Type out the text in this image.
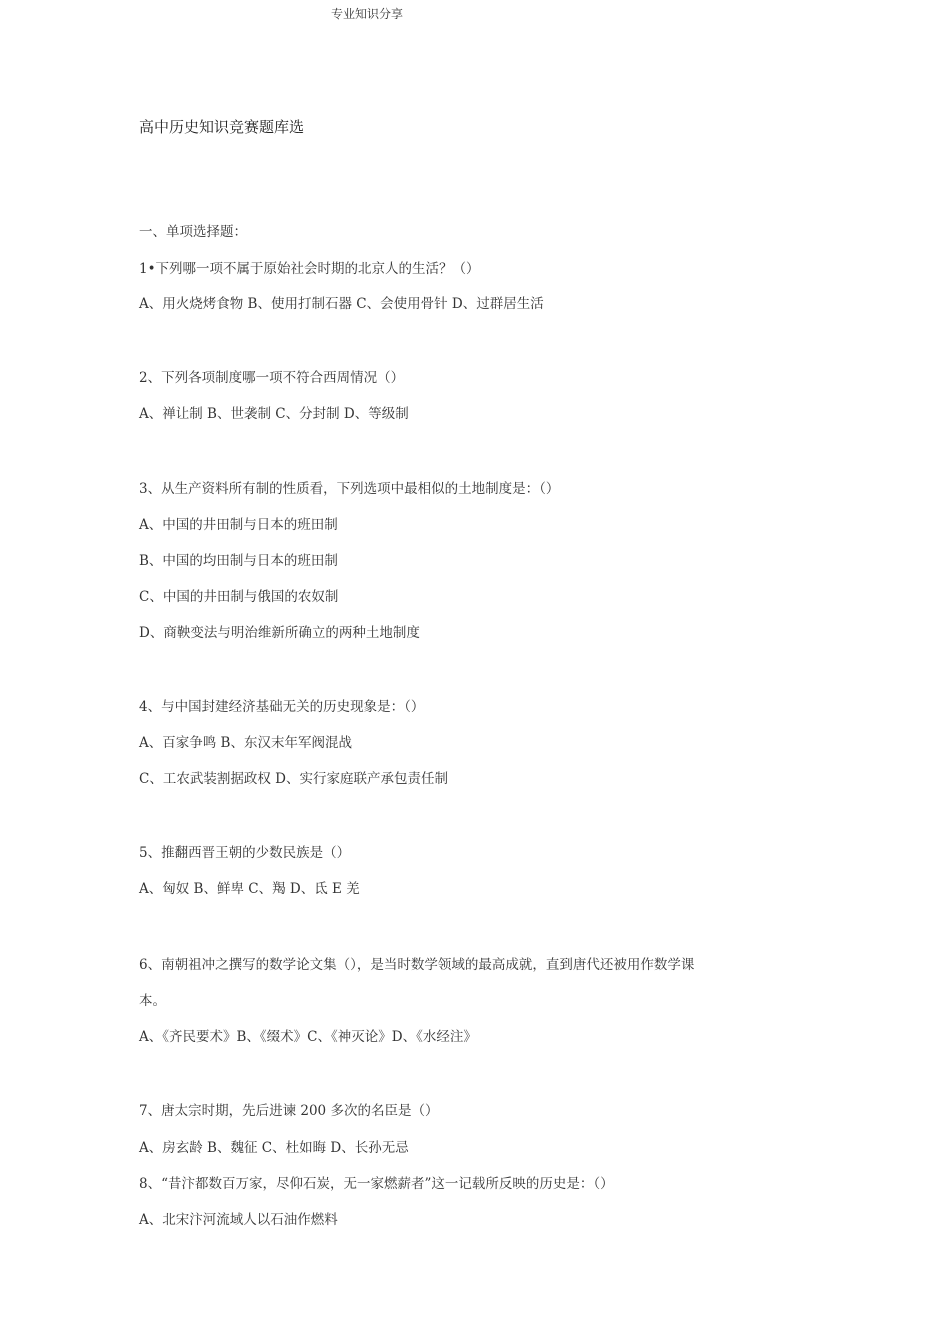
专业知识分享
高中历史知识竞赛题库选
一、单项选择题：
1•下列哪一项不属于原始社会时期的北京人的生活？（）
A、用火烧烤食物 B、使用打制石器 C、会使用骨针 D、过群居生活
2、下列各项制度哪一项不符合西周情况（）
A、禅让制 B、世袭制 C、分封制 D、等级制
3、从生产资料所有制的性质看，下列选项中最相似的土地制度是：（）
A、中国的井田制与日本的班田制
B、中国的均田制与日本的班田制
C、中国的井田制与俄国的农奴制
D、商鞅变法与明治维新所确立的两种土地制度
4、与中国封建经济基础无关的历史现象是：（）
A、百家争鸣 B、东汉末年军阀混战
C、工农武装割据政权 D、实行家庭联产承包责任制
5、推翻西晋王朝的少数民族是（）
A、匈奴 B、鲜卑 C、羯 D、氐 E 羌
6、南朝祖冲之撰写的数学论文集（），是当时数学领域的最高成就，直到唐代还被用作数学课
本。
A、《齐民要术》B、《缀术》C、《神灭论》D、《水经注》
7、唐太宗时期，先后进谏 200 多次的名臣是（）
A、房玄龄 B、魏征 C、杜如晦 D、长孙无忌
8、“昔汴都数百万家，尽仰石炭，无一家燃薪者”这一记载所反映的历史是：（）
A、北宋汴河流域人以石油作燃料
